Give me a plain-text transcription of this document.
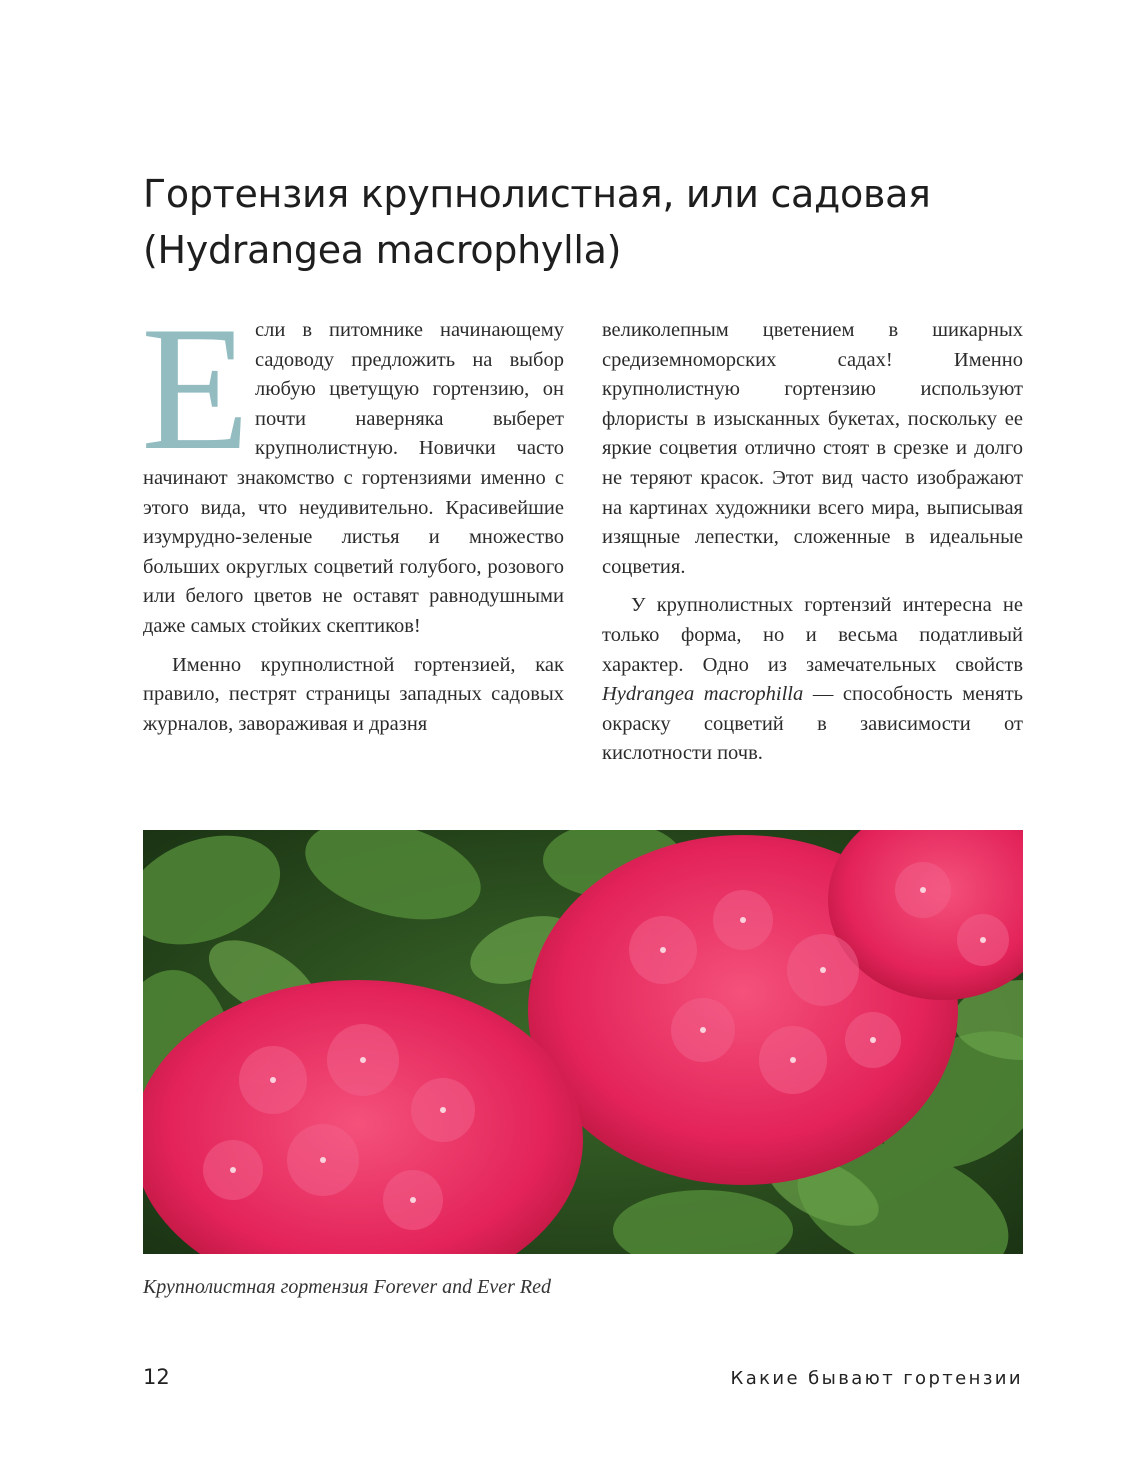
Гортензия крупнолистная, или садовая
(Hydrangea macrophylla)

Если в питомнике начинающему садоводу предложить на выбор любую цветущую гортензию, он почти наверняка выберет крупнолистную. Новички часто начинают знакомство с гортензиями именно с этого вида, что неудивительно. Красивейшие изумрудно-зеленые листья и множество больших округлых соцветий голубого, розового или белого цветов не оставят равнодушными даже самых стойких скептиков!

Именно крупнолистной гортензией, как правило, пестрят страницы западных садовых журналов, завораживая и дразня

великолепным цветением в шикарных средиземноморских садах! Именно крупнолистную гортензию используют флористы в изысканных букетах, поскольку ее яркие соцветия отлично стоят в срезке и долго не теряют красок. Этот вид часто изображают на картинах художники всего мира, выписывая изящные лепестки, сложенные в идеальные соцветия.

У крупнолистных гортензий интересна не только форма, но и весьма податливый характер. Одно из замечательных свойств Hydrangea macrophilla — способность менять окраску соцветий в зависимости от кислотности почв.

Крупнолистная гортензия Forever and Ever Red
12	Какие бывают гортензии
